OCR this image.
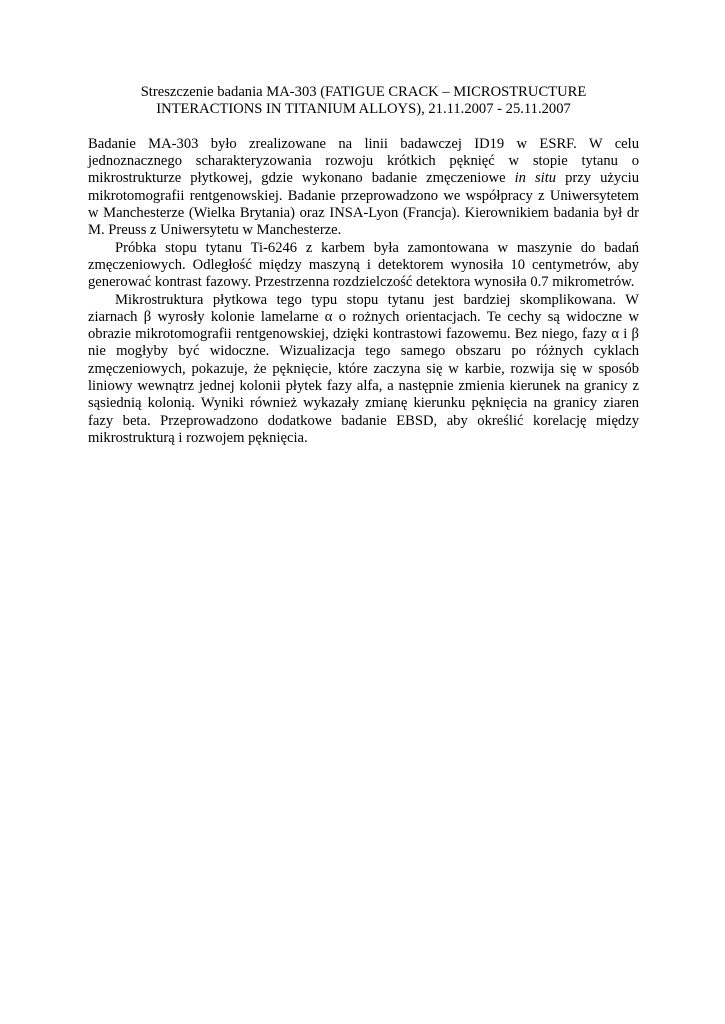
Streszczenie badania MA-303 (FATIGUE CRACK – MICROSTRUCTURE
INTERACTIONS IN TITANIUM ALLOYS), 21.11.2007 - 25.11.2007

Badanie MA-303 było zrealizowane na linii badawczej ID19 w ESRF. W celu jednoznacznego scharakteryzowania rozwoju krótkich pęknięć w stopie tytanu o mikrostrukturze płytkowej, gdzie wykonano badanie zmęczeniowe in situ przy użyciu mikrotomografii rentgenowskiej. Badanie przeprowadzono we współpracy z Uniwersytetem w Manchesterze (Wielka Brytania) oraz INSA-Lyon (Francja). Kierownikiem badania był dr M. Preuss z Uniwersytetu w Manchesterze.

Próbka stopu tytanu Ti-6246 z karbem była zamontowana w maszynie do badań zmęczeniowych. Odległość między maszyną i detektorem wynosiła 10 centymetrów, aby generować kontrast fazowy. Przestrzenna rozdzielczość detektora wynosiła 0.7 mikrometrów.

Mikrostruktura płytkowa tego typu stopu tytanu jest bardziej skomplikowana. W ziarnach β wyrosły kolonie lamelarne α o rożnych orientacjach. Te cechy są widoczne w obrazie mikrotomografii rentgenowskiej, dzięki kontrastowi fazowemu. Bez niego, fazy α i β nie mogłyby być widoczne. Wizualizacja tego samego obszaru po różnych cyklach zmęczeniowych, pokazuje, że pęknięcie, które zaczyna się w karbie, rozwija się w sposób liniowy wewnątrz jednej kolonii płytek fazy alfa, a następnie zmienia kierunek na granicy z sąsiednią kolonią. Wyniki również wykazały zmianę kierunku pęknięcia na granicy ziaren fazy beta. Przeprowadzono dodatkowe badanie EBSD, aby określić korelację między mikrostrukturą i rozwojem pęknięcia.
